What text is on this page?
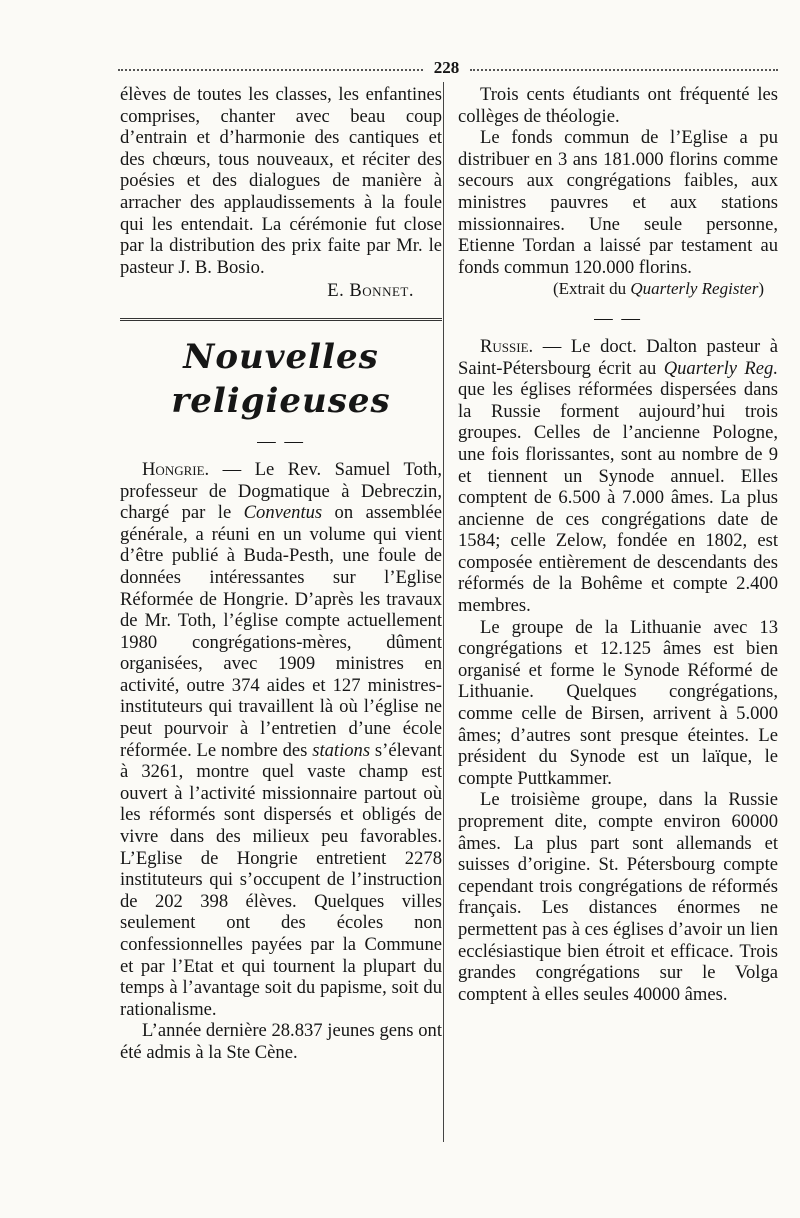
228

élèves de toutes les classes, les enfantines comprises, chanter avec beau coup d’entrain et d’harmonie des cantiques et des chœurs, tous nouveaux, et réciter des poésies et des dialogues de manière à arracher des applaudissements à la foule qui les entendait. La cérémonie fut close par la distribution des prix faite par Mr. le pasteur J. B. Bosio.

E. Bonnet.

Nouvelles religieuses
— —

Hongrie. — Le Rev. Samuel Toth, professeur de Dogmatique à Debreczin, chargé par le Conventus on assemblée générale, a réuni en un volume qui vient d’être publié à Buda-Pesth, une foule de données intéressantes sur l’Eglise Réformée de Hongrie. D’après les travaux de Mr. Toth, l’église compte actuellement 1980 congrégations-mères, dûment organisées, avec 1909 ministres en activité, outre 374 aides et 127 ministres-instituteurs qui travaillent là où l’église ne peut pourvoir à l’entretien d’une école réformée. Le nombre des stations s’élevant à 3261, montre quel vaste champ est ouvert à l’activité missionnaire partout où les réformés sont dispersés et obligés de vivre dans des milieux peu favorables. L’Eglise de Hongrie entretient 2278 instituteurs qui s’occupent de l’instruction de 202 398 élèves. Quelques villes seulement ont des écoles non confessionnelles payées par la Commune et par l’Etat et qui tournent la plupart du temps à l’avantage soit du papisme, soit du rationalisme.

L’année dernière 28.837 jeunes gens ont été admis à la Ste Cène.

Trois cents étudiants ont fréquenté les collèges de théologie.

Le fonds commun de l’Eglise a pu distribuer en 3 ans 181.000 florins comme secours aux congrégations faibles, aux ministres pauvres et aux stations missionnaires. Une seule personne, Etienne Tordan a laissé par testament au fonds commun 120.000 florins.

(Extrait du Quarterly Register)

— —

Russie. — Le doct. Dalton pasteur à Saint-Pétersbourg écrit au Quarterly Reg. que les églises réformées dispersées dans la Russie forment aujourd’hui trois groupes. Celles de l’ancienne Pologne, une fois florissantes, sont au nombre de 9 et tiennent un Synode annuel. Elles comptent de 6.500 à 7.000 âmes. La plus ancienne de ces congrégations date de 1584; celle Zelow, fondée en 1802, est composée entièrement de descendants des réformés de la Bohême et compte 2.400 membres.

Le groupe de la Lithuanie avec 13 congrégations et 12.125 âmes est bien organisé et forme le Synode Réformé de Lithuanie. Quelques congrégations, comme celle de Birsen, arrivent à 5.000 âmes; d’autres sont presque éteintes. Le président du Synode est un laïque, le compte Puttkammer.

Le troisième groupe, dans la Russie proprement dite, compte environ 60000 âmes. La plus part sont allemands et suisses d’origine. St. Pétersbourg compte cependant trois congrégations de réformés français. Les distances énormes ne permettent pas à ces églises d’avoir un lien ecclésiastique bien étroit et efficace. Trois grandes congrégations sur le Volga comptent à elles seules 40000 âmes.
